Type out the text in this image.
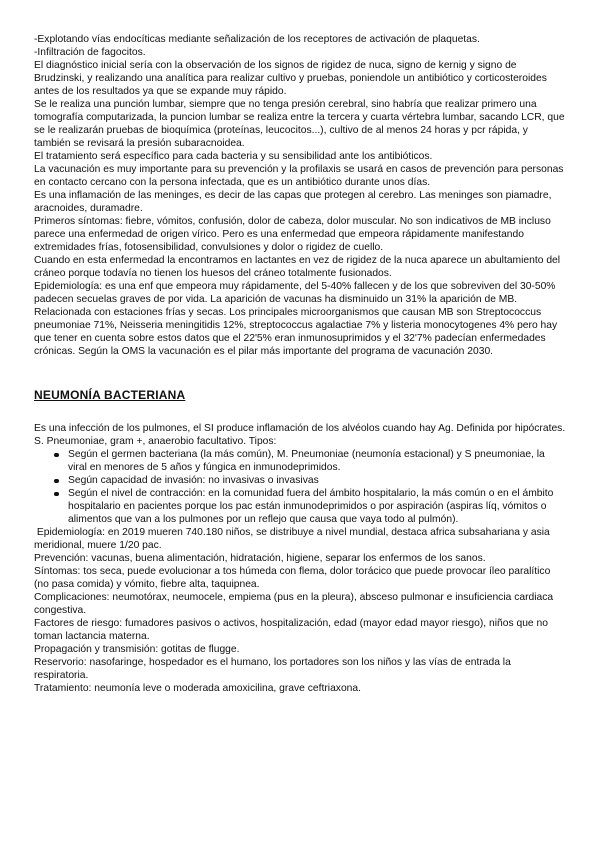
-Explotando vías endocíticas mediante señalización de los receptores de activación de plaquetas.

-Infiltración de fagocitos.

El diagnóstico inicial sería con la observación de los signos de rigidez de nuca, signo de kernig y signo de Brudzinski, y realizando una analítica para realizar cultivo y pruebas, poniendole un antibiótico y corticosteroides antes de los resultados ya que se expande muy rápido.

Se le realiza una punción lumbar, siempre que no tenga presión cerebral, sino habría que realizar primero una tomografía computarizada, la puncion lumbar se realiza entre la tercera y cuarta vértebra lumbar, sacando LCR, que se le realizarán pruebas de bioquímica (proteínas, leucocitos...), cultivo de al menos 24 horas y pcr rápida, y también se revisará la presión subaracnoidea.

El tratamiento será específico para cada bacteria y su sensibilidad ante los antibióticos.

La vacunación es muy importante para su prevención y la profilaxis se usará en casos de prevención para personas en contacto cercano con la persona infectada, que es un antibiótico durante unos días.

Es una inflamación de las meninges, es decir de las capas que protegen al cerebro. Las meninges son piamadre, aracnoides, duramadre.

Primeros síntomas: fiebre, vómitos, confusión, dolor de cabeza, dolor muscular. No son indicativos de MB incluso parece una enfermedad de origen vírico. Pero es una enfermedad que empeora rápidamente manifestando extremidades frías, fotosensibilidad, convulsiones y dolor o rigidez de cuello.

Cuando en esta enfermedad la encontramos en lactantes en vez de rigidez de la nuca aparece un abultamiento del cráneo porque todavía no tienen los huesos del cráneo totalmente fusionados.

Epidemiología: es una enf que empeora muy rápidamente, del 5-40% fallecen y de los que sobreviven del 30-50% padecen secuelas graves de por vida. La aparición de vacunas ha disminuido un 31% la aparición de MB. Relacionada con estaciones frías y secas. Los principales microorganismos que causan MB son Streptococcus pneumoniae 71%, Neisseria meningitidis 12%, streptococcus agalactiae 7% y listeria monocytogenes 4% pero hay que tener en cuenta sobre estos datos que el 22'5% eran inmunosuprimidos y el 32'7% padecían enfermedades crónicas. Según la OMS la vacunación es el pilar más importante del programa de vacunación 2030.

NEUMONÍA BACTERIANA

Es una infección de los pulmones, el SI produce inflamación de los alvéolos cuando hay Ag. Definida por hipócrates. S. Pneumoniae, gram +, anaerobio facultativo. Tipos:

Según el germen bacteriana (la más común), M. Pneumoniae (neumonía estacional) y S pneumoniae, la viral en menores de 5 años y fúngica en inmunodeprimidos.
Según capacidad de invasión: no invasivas o invasivas
Según el nivel de contracción: en la comunidad fuera del ámbito hospitalario, la más común o en el ámbito hospitalario en pacientes porque los pac están inmunodeprimidos o por aspiración (aspiras líq, vómitos o alimentos que van a los pulmones por un reflejo que causa que vaya todo al pulmón).

Epidemiología: en 2019 mueren 740.180 niños, se distribuye a nivel mundial, destaca africa subsahariana y asia meridional, muere 1/20 pac.

Prevención: vacunas, buena alimentación, hidratación, higiene, separar los enfermos de los sanos.

Síntomas: tos seca, puede evolucionar a tos húmeda con flema, dolor torácico que puede provocar íleo paralítico (no pasa comida) y vómito, fiebre alta, taquipnea.

Complicaciones: neumotórax, neumocele, empiema (pus en la pleura), absceso pulmonar e insuficiencia cardiaca congestiva.

Factores de riesgo: fumadores pasivos o activos, hospitalización, edad (mayor edad mayor riesgo), niños que no toman lactancia materna.

Propagación y transmisión: gotitas de flugge.

Reservorio: nasofaringe, hospedador es el humano, los portadores son los niños y las vías de entrada la respiratoria.

Tratamiento: neumonía leve o moderada amoxicilina, grave ceftriaxona.
